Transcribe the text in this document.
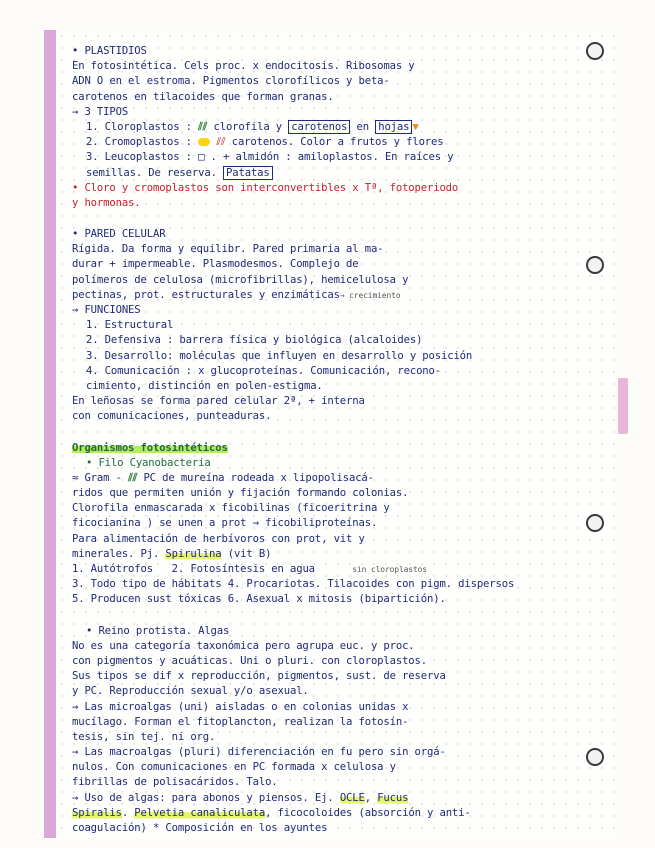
• PLASTIDIOS
En fotosintética. Cels proc. x endocitosis. Ribosomas y
ADN O en el estroma. Pigmentos clorofílicos y beta-
carotenos en tilacoides que forman granas.
→ 3 TIPOS
1. Cloroplastos : ⫽⫽ clorofila y carotenos en hojas▼
2. Cromoplastos :  ⫽⫽ carotenos. Color a frutos y flores
3. Leucoplastos : □ . + almidón : amiloplastos. En raíces y
semillas. De reserva. Patatas
• Cloro y cromoplastos son interconvertibles x Tª, fotoperiodo
y hormonas.
• PARED CELULAR
Rígida. Da forma y equilibr. Pared primaria al ma-
durar + impermeable. Plasmodesmos. Complejo de
polímeros de celulosa (microfibrillas), hemicelulosa y
pectinas, prot. estructurales y enzimáticas→ crecimiento
→ FUNCIONES
1. Estructural
2. Defensiva : barrera física y biológica (alcaloides)
3. Desarrollo: moléculas que influyen en desarrollo y posición
4. Comunicación : x glucoproteínas. Comunicación, recono-
cimiento, distinción en polen-estigma.
En leñosas se forma pared celular 2ª, + interna
con comunicaciones, punteaduras.
Organismos fotosintéticos
• Filo Cyanobacteria
≈ Gram - ⫽⫽ PC de mureína rodeada x lipopolisacá-
ridos que permiten unión y fijación formando colonias.
Clorofila enmascarada x ficobilinas (ficoeritrina y
ficocianina ) se unen a prot → ficobiliproteínas.
Para alimentación de herbívoros con prot, vit y
minerales. Pj. Spirulina (vit B)
1. Autótrofos 2. Fotosíntesis en agua	sin cloroplastos
3. Todo tipo de hábitats 4. Procariotas. Tilacoides con pigm. dispersos
5. Producen sust tóxicas 6. Asexual x mitosis (bipartición).
• Reino protista. Algas
No es una categoría taxonómica pero agrupa euc. y proc.
con pigmentos y acuáticas. Uni o pluri. con cloroplastos.
Sus tipos se dif x reproducción, pigmentos, sust. de reserva
y PC. Reproducción sexual y/o asexual.
→ Las microalgas (uni) aisladas o en colonias unidas x
mucílago. Forman el fitoplancton, realizan la fotosín-
tesis, sin tej. ni org.
→ Las macroalgas (pluri) diferenciación en fu pero sin orgá-
nulos. Con comunicaciones en PC formada x celulosa y
fibrillas de polisacáridos. Talo.
→ Uso de algas: para abonos y piensos. Ej. OCLE, Fucus
Spiralis. Pelvetia canaliculata, ficocoloides (absorción y anti-
coagulación) * Composición en los ayuntes
